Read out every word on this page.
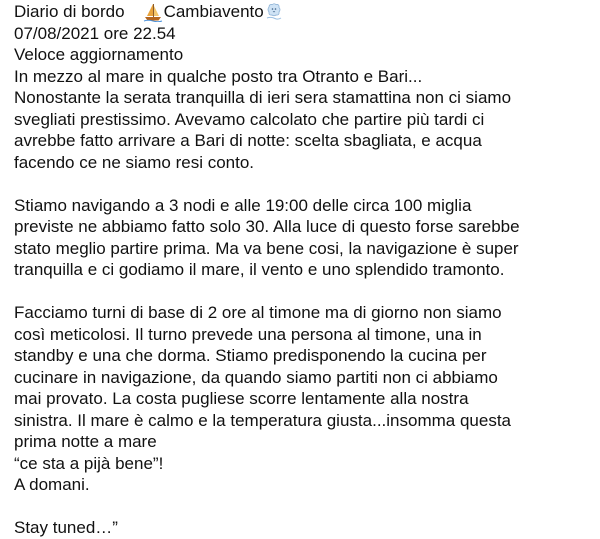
Diario di bordo Cambiavento
07/08/2021 ore 22.54
Veloce aggiornamento
In mezzo al mare in qualche posto tra Otranto e Bari...
Nonostante la serata tranquilla di ieri sera stamattina non ci siamo
svegliati prestissimo. Avevamo calcolato che partire più tardi ci
avrebbe fatto arrivare a Bari di notte: scelta sbagliata, e acqua
facendo ce ne siamo resi conto.
Stiamo navigando a 3 nodi e alle 19:00 delle circa 100 miglia
previste ne abbiamo fatto solo 30. Alla luce di questo forse sarebbe
stato meglio partire prima. Ma va bene cosi, la navigazione è super
tranquilla e ci godiamo il mare, il vento e uno splendido tramonto.
Facciamo turni di base di 2 ore al timone ma di giorno non siamo
così meticolosi. Il turno prevede una persona al timone, una in
standby e una che dorma. Stiamo predisponendo la cucina per
cucinare in navigazione, da quando siamo partiti non ci abbiamo
mai provato. La costa pugliese scorre lentamente alla nostra
sinistra. Il mare è calmo e la temperatura giusta...insomma questa
prima notte a mare
“ce sta a pijà bene”!
A domani.
Stay tuned…”
